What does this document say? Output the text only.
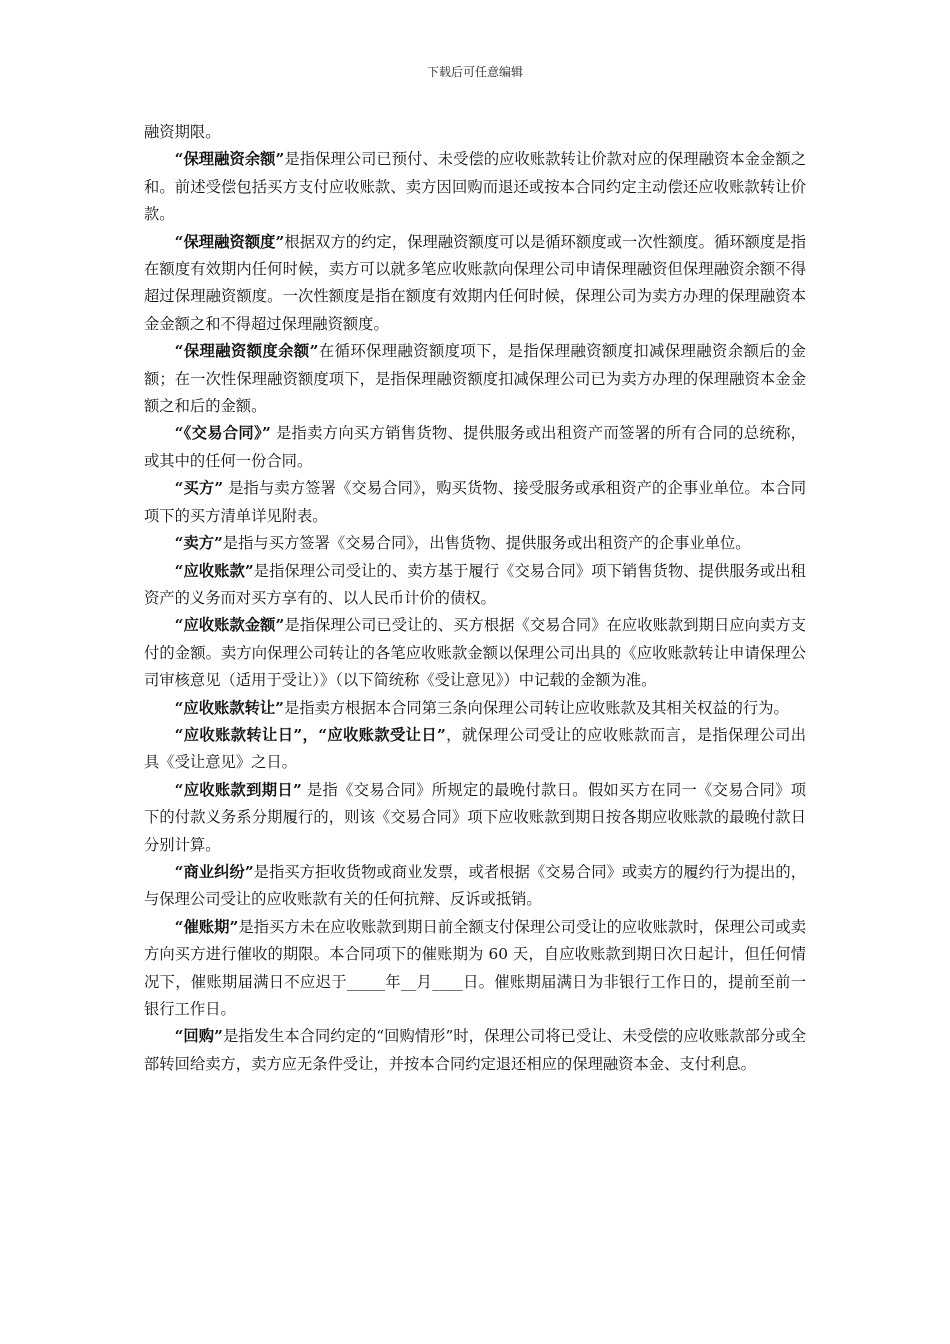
下载后可任意编辑

融资期限。

“保理融资余额”是指保理公司已预付、未受偿的应收账款转让价款对应的保理融资本金金额之和。前述受偿包括买方支付应收账款、卖方因回购而退还或按本合同约定主动偿还应收账款转让价款。

“保理融资额度”根据双方的约定，保理融资额度可以是循环额度或一次性额度。循环额度是指在额度有效期内任何时候，卖方可以就多笔应收账款向保理公司申请保理融资但保理融资余额不得超过保理融资额度。一次性额度是指在额度有效期内任何时候，保理公司为卖方办理的保理融资本金金额之和不得超过保理融资额度。

“保理融资额度余额”在循环保理融资额度项下，是指保理融资额度扣减保理融资余额后的金额；在一次性保理融资额度项下，是指保理融资额度扣减保理公司已为卖方办理的保理融资本金金额之和后的金额。

“《交易合同》” 是指卖方向买方销售货物、提供服务或出租资产而签署的所有合同的总统称，或其中的任何一份合同。

“买方” 是指与卖方签署《交易合同》，购买货物、接受服务或承租资产的企事业单位。本合同项下的买方清单详见附表。

“卖方”是指与买方签署《交易合同》，出售货物、提供服务或出租资产的企事业单位。

“应收账款”是指保理公司受让的、卖方基于履行《交易合同》项下销售货物、提供服务或出租资产的义务而对买方享有的、以人民币计价的债权。

“应收账款金额”是指保理公司已受让的、买方根据《交易合同》在应收账款到期日应向卖方支付的金额。卖方向保理公司转让的各笔应收账款金额以保理公司出具的《应收账款转让申请保理公司审核意见（适用于受让）》（以下简统称《受让意见》）中记载的金额为准。

“应收账款转让”是指卖方根据本合同第三条向保理公司转让应收账款及其相关权益的行为。

“应收账款转让日”，“应收账款受让日”，就保理公司受让的应收账款而言，是指保理公司出具《受让意见》之日。

“应收账款到期日” 是指《交易合同》所规定的最晚付款日。假如买方在同一《交易合同》项下的付款义务系分期履行的，则该《交易合同》项下应收账款到期日按各期应收账款的最晚付款日分别计算。

“商业纠纷”是指买方拒收货物或商业发票，或者根据《交易合同》或卖方的履约行为提出的，与保理公司受让的应收账款有关的任何抗辩、反诉或抵销。

“催账期”是指买方未在应收账款到期日前全额支付保理公司受让的应收账款时，保理公司或卖方向买方进行催收的期限。本合同项下的催账期为 60 天，自应收账款到期日次日起计，但任何情况下，催账期届满日不应迟于_____年__月____日。催账期届满日为非银行工作日的，提前至前一银行工作日。

“回购”是指发生本合同约定的“回购情形”时，保理公司将已受让、未受偿的应收账款部分或全部转回给卖方，卖方应无条件受让，并按本合同约定退还相应的保理融资本金、支付利息。
